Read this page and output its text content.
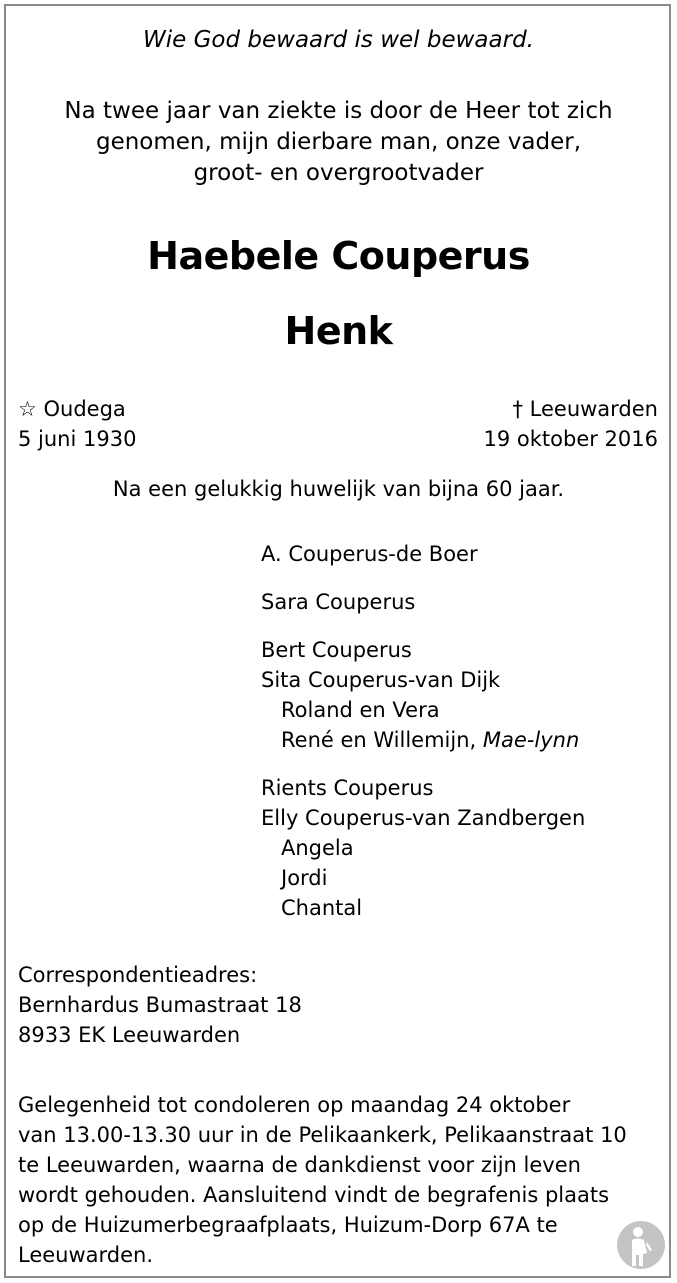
Wie God bewaard is wel bewaard.

Na twee jaar van ziekte is door de Heer tot zich
genomen, mijn dierbare man, onze vader,
groot- en overgrootvader
Haebele Couperus
Henk
☆ Oudega
5 juni 1930
† Leeuwarden
19 oktober 2016

Na een gelukkig huwelijk van bijna 60 jaar.

A. Couperus-de Boer
Sara Couperus
Bert Couperus
Sita Couperus-van Dijk
Roland en Vera
René en Willemijn, Mae-lynn
Rients Couperus
Elly Couperus-van Zandbergen
Angela
Jordi
Chantal
Correspondentieadres:
Bernhardus Bumastraat 18
8933 EK Leeuwarden
Gelegenheid tot condoleren op maandag 24 oktober
van 13.00-13.30 uur in de Pelikaankerk, Pelikaanstraat 10
te Leeuwarden, waarna de dankdienst voor zijn leven
wordt gehouden. Aansluitend vindt de begrafenis plaats
op de Huizumerbegraafplaats, Huizum-Dorp 67A te
Leeuwarden.
